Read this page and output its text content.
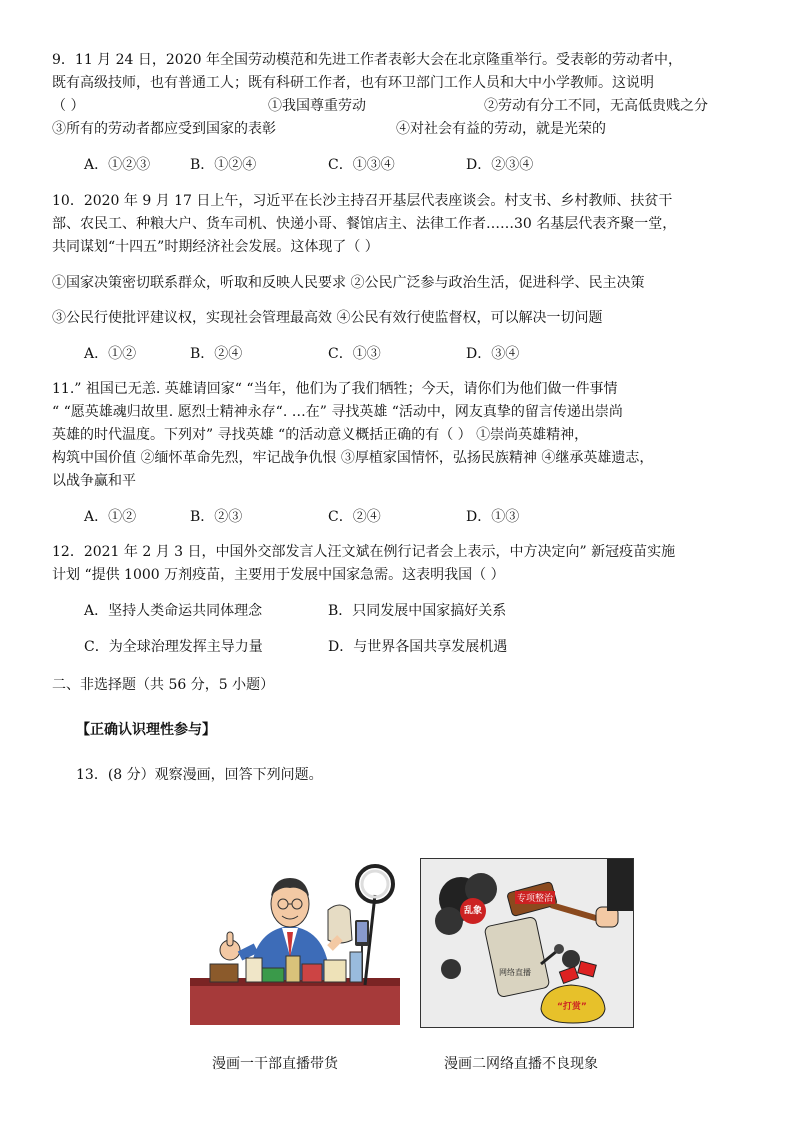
9．11 月 24 日，2020 年全国劳动模范和先进工作者表彰大会在北京隆重举行。受表彰的劳动者中，
既有高级技师，也有普通工人；既有科研工作者，也有环卫部门工作人员和大中小学教师。这说明
（ ）	①我国尊重劳动	②劳动有分工不同，无高低贵贱之分
③所有的劳动者都应受到国家的表彰	④对社会有益的劳动，就是光荣的
A．①②③	B．①②④	C．①③④	D．②③④
10．2020 年 9 月 17 日上午，习近平在长沙主持召开基层代表座谈会。村支书、乡村教师、扶贫干
部、农民工、种粮大户、货车司机、快递小哥、餐馆店主、法律工作者……30 名基层代表齐聚一堂，
共同谋划“十四五”时期经济社会发展。这体现了（ ）
①国家决策密切联系群众，听取和反映人民要求 ②公民广泛参与政治生活，促进科学、民主决策
③公民行使批评建议权，实现社会管理最高效 ④公民有效行使监督权，可以解决一切问题
A．①②	B．②④	C．①③	D．③④
11.” 祖国已无恙. 英雄请回家“ “当年，他们为了我们牺牲；今天，请你们为他们做一件事情
“ “愿英雄魂归故里. 愿烈士精神永存“. …在” 寻找英雄 “活动中，网友真挚的留言传递出崇尚
英雄的时代温度。下列对” 寻找英雄 “的活动意义概括正确的有（ ） ①崇尚英雄精神，
构筑中国价值 ②缅怀革命先烈，牢记战争仇恨 ③厚植家国情怀，弘扬民族精神 ④继承英雄遗志，
以战争赢和平
A．①②	B．②③	C．②④	D．①③
12．2021 年 2 月 3 日，中国外交部发言人汪文斌在例行记者会上表示，中方决定向” 新冠疫苗实施
计划 “提供 1000 万剂疫苗，主要用于发展中国家急需。这表明我国（ ）
A．坚持人类命运共同体理念	B．只同发展中国家搞好关系
C．为全球治理发挥主导力量	D．与世界各国共享发展机遇
二、非选择题（共 56 分，5 小题）
【正确认识理性参与】
13．(8 分）观察漫画，回答下列问题。
乱象
专项整治
网络直播
“打赏”
漫画一干部直播带货	漫画二网络直播不良现象
